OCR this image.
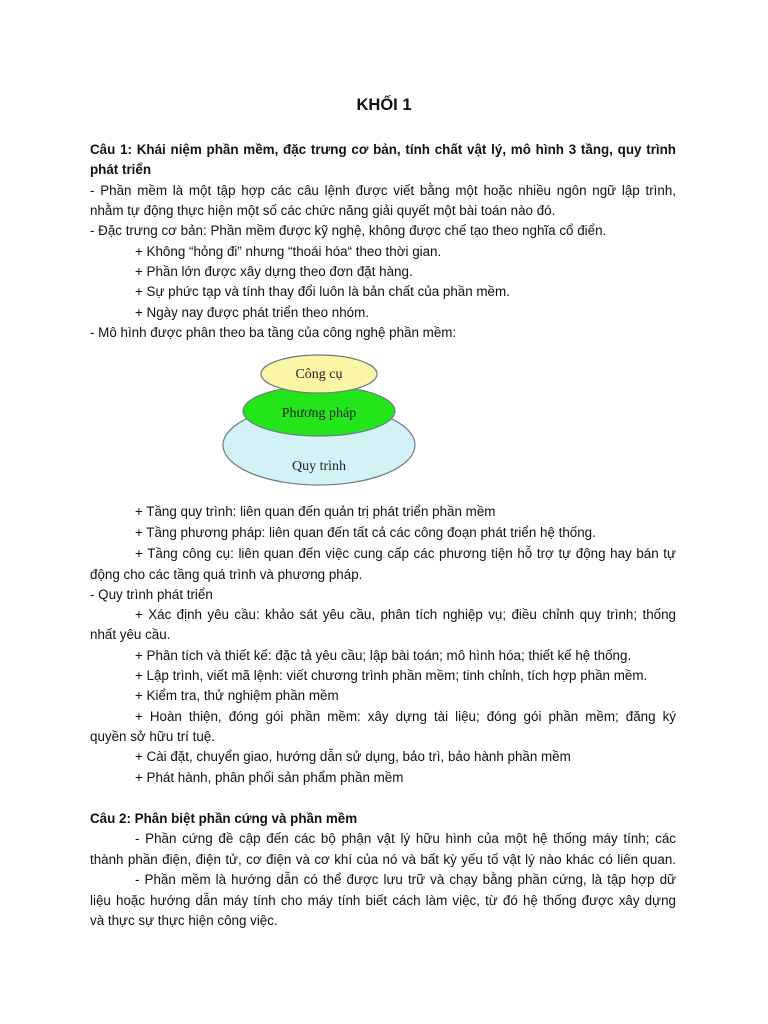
KHỐI 1
Câu 1: Khái niệm phần mềm, đặc trưng cơ bản, tính chất vật lý, mô hình 3 tầng, quy trình
phát triển
- Phần mềm là một tập hợp các câu lệnh được viết bằng một hoặc nhiều ngôn ngữ lập trình,
nhằm tự động thực hiện một số các chức năng giải quyết một bài toán nào đó.
- Đặc trưng cơ bản: Phần mềm được kỹ nghệ, không được chế tạo theo nghĩa cổ điển.
+ Không “hỏng đi” nhưng “thoái hóa“ theo thời gian.
+ Phần lớn được xây dựng theo đơn đặt hàng.
+ Sự phức tạp và tính thay đổi luôn là bản chất của phần mềm.
+ Ngày nay được phát triển theo nhóm.
- Mô hình được phân theo ba tầng của công nghệ phần mềm:
Công cụ
Phương pháp
Quy trình
+ Tầng quy trình: liên quan đến quản trị phát triển phần mềm
+ Tầng phương pháp: liên quan đến tất cả các công đoạn phát triển hệ thống.
+ Tầng công cụ: liên quan đến việc cung cấp các phương tiện hỗ trợ tự động hay bán tự
động cho các tầng quá trình và phương pháp.
- Quy trình phát triển
+ Xác định yêu cầu: khảo sát yêu cầu, phân tích nghiệp vụ; điều chỉnh quy trình; thống
nhất yêu cầu.
+ Phân tích và thiết kế: đặc tả yêu cầu; lập bài toán; mô hình hóa; thiết kế hệ thống.
+ Lập trình, viết mã lệnh: viết chương trình phần mềm; tinh chỉnh, tích hợp phần mềm.
+ Kiểm tra, thử nghiệm phần mềm
+ Hoàn thiện, đóng gói phần mềm: xây dựng tài liệu; đóng gói phần mềm; đăng ký
quyền sở hữu trí tuệ.
+ Cài đặt, chuyển giao, hướng dẫn sử dụng, bảo trì, bảo hành phần mềm
+ Phát hành, phân phối sản phẩm phần mềm
Câu 2: Phân biệt phần cứng và phần mềm
- Phần cứng đề cập đến các bộ phận vật lý hữu hình của một hệ thống máy tính; các
thành phần điện, điện tử, cơ điện và cơ khí của nó và bất kỳ yếu tố vật lý nào khác có liên quan.
- Phần mềm là hướng dẫn có thể được lưu trữ và chạy bằng phần cứng, là tập hợp dữ
liệu hoặc hướng dẫn máy tính cho máy tính biết cách làm việc, từ đó hệ thống được xây dựng
và thực sự thực hiện công việc.
